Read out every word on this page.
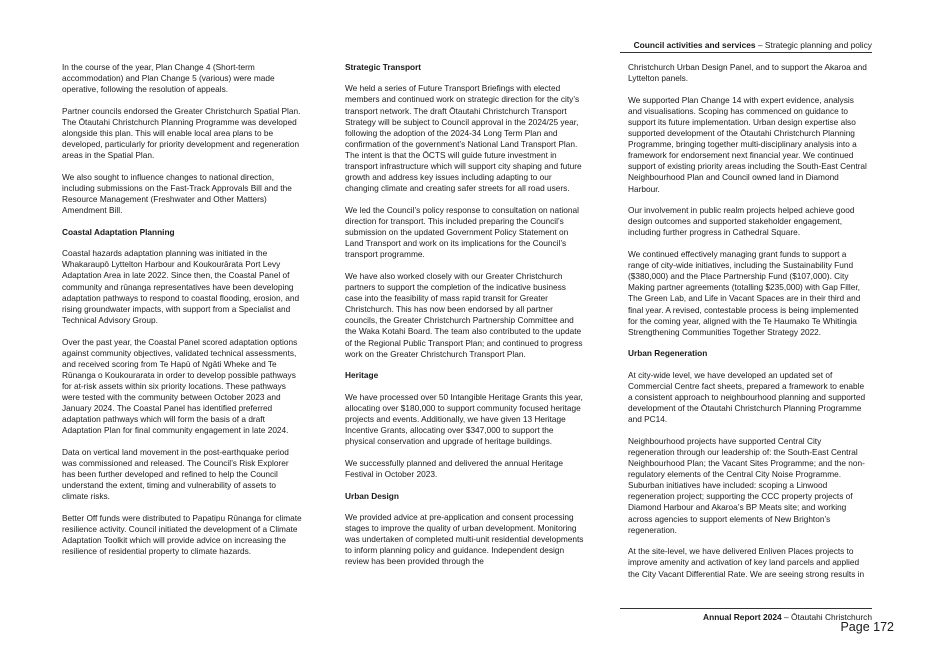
Council activities and services – Strategic planning and policy

In the course of the year, Plan Change 4 (Short-term accommodation) and Plan Change 5 (various) were made operative, following the resolution of appeals.

Partner councils endorsed the Greater Christchurch Spatial Plan. The Ōtautahi Christchurch Planning Programme was developed alongside this plan. This will enable local area plans to be developed, particularly for priority development and regeneration areas in the Spatial Plan.

We also sought to influence changes to national direction, including submissions on the Fast-Track Approvals Bill and the Resource Management (Freshwater and Other Matters) Amendment Bill.

Coastal Adaptation Planning

Coastal hazards adaptation planning was initiated in the Whakaraupō Lyttelton Harbour and Koukourārata Port Levy Adaptation Area in late 2022. Since then, the Coastal Panel of community and rūnanga representatives have been developing adaptation pathways to respond to coastal flooding, erosion, and rising groundwater impacts, with support from a Specialist and Technical Advisory Group.

Over the past year, the Coastal Panel scored adaptation options against community objectives, validated technical assessments, and received scoring from Te Hapū of Ngāti Wheke and Te Rūnanga o Koukourarata in order to develop possible pathways for at-risk assets within six priority locations. These pathways were tested with the community between October 2023 and January 2024. The Coastal Panel has identified preferred adaptation pathways which will form the basis of a draft Adaptation Plan for final community engagement in late 2024.

Data on vertical land movement in the post-earthquake period was commissioned and released. The Council’s Risk Explorer has been further developed and refined to help the Council understand the extent, timing and vulnerability of assets to climate risks.

Better Off funds were distributed to Papatipu Rūnanga for climate resilience activity. Council initiated the development of a Climate Adaptation Toolkit which will provide advice on increasing the resilience of residential property to climate hazards.

Strategic Transport

We held a series of Future Transport Briefings with elected members and continued work on strategic direction for the city’s transport network. The draft Ōtautahi Christchurch Transport Strategy will be subject to Council approval in the 2024/25 year, following the adoption of the 2024-34 Long Term Plan and confirmation of the government’s National Land Transport Plan. The intent is that the ŌCTS will guide future investment in transport infrastructure which will support city shaping and future growth and address key issues including adapting to our changing climate and creating safer streets for all road users.

We led the Council’s policy response to consultation on national direction for transport. This included preparing the Council’s submission on the updated Government Policy Statement on Land Transport and work on its implications for the Council’s transport programme.

We have also worked closely with our Greater Christchurch partners to support the completion of the indicative business case into the feasibility of mass rapid transit for Greater Christchurch. This has now been endorsed by all partner councils, the Greater Christchurch Partnership Committee and the Waka Kotahi Board. The team also contributed to the update of the Regional Public Transport Plan; and continued to progress work on the Greater Christchurch Transport Plan.

Heritage

We have processed over 50 Intangible Heritage Grants this year, allocating over $180,000 to support community focused heritage projects and events. Additionally, we have given 13 Heritage Incentive Grants, allocating over $347,000 to support the physical conservation and upgrade of heritage buildings.

We successfully planned and delivered the annual Heritage Festival in October 2023.

Urban Design

We provided advice at pre-application and consent processing stages to improve the quality of urban development. Monitoring was undertaken of completed multi-unit residential developments to inform planning policy and guidance. Independent design review has been provided through the

Christchurch Urban Design Panel, and to support the Akaroa and Lyttelton panels.

We supported Plan Change 14 with expert evidence, analysis and visualisations. Scoping has commenced on guidance to support its future implementation. Urban design expertise also supported development of the Ōtautahi Christchurch Planning Programme, bringing together multi-disciplinary analysis into a framework for endorsement next financial year. We continued support of existing priority areas including the South-East Central Neighbourhood Plan and Council owned land in Diamond Harbour.

Our involvement in public realm projects helped achieve good design outcomes and supported stakeholder engagement, including further progress in Cathedral Square.

We continued effectively managing grant funds to support a range of city-wide initiatives, including the Sustainability Fund ($380,000) and the Place Partnership Fund ($107,000). City Making partner agreements (totalling $235,000) with Gap Filler, The Green Lab, and Life in Vacant Spaces are in their third and final year. A revised, contestable process is being implemented for the coming year, aligned with the Te Haumako Te Whitingia Strengthening Communities Together Strategy 2022.

Urban Regeneration

At city-wide level, we have developed an updated set of Commercial Centre fact sheets, prepared a framework to enable a consistent approach to neighbourhood planning and supported development of the Ōtautahi Christchurch Planning Programme and PC14.

Neighbourhood projects have supported Central City regeneration through our leadership of: the South-East Central Neighbourhood Plan; the Vacant Sites Programme; and the non-regulatory elements of the Central City Noise Programme. Suburban initiatives have included: scoping a Linwood regeneration project; supporting the CCC property projects of Diamond Harbour and Akaroa’s BP Meats site; and working across agencies to support elements of New Brighton’s regeneration.

At the site-level, we have delivered Enliven Places projects to improve amenity and activation of key land parcels and applied the City Vacant Differential Rate. We are seeing strong results in

Annual Report 2024 – Ōtautahi Christchurch
Page 172
